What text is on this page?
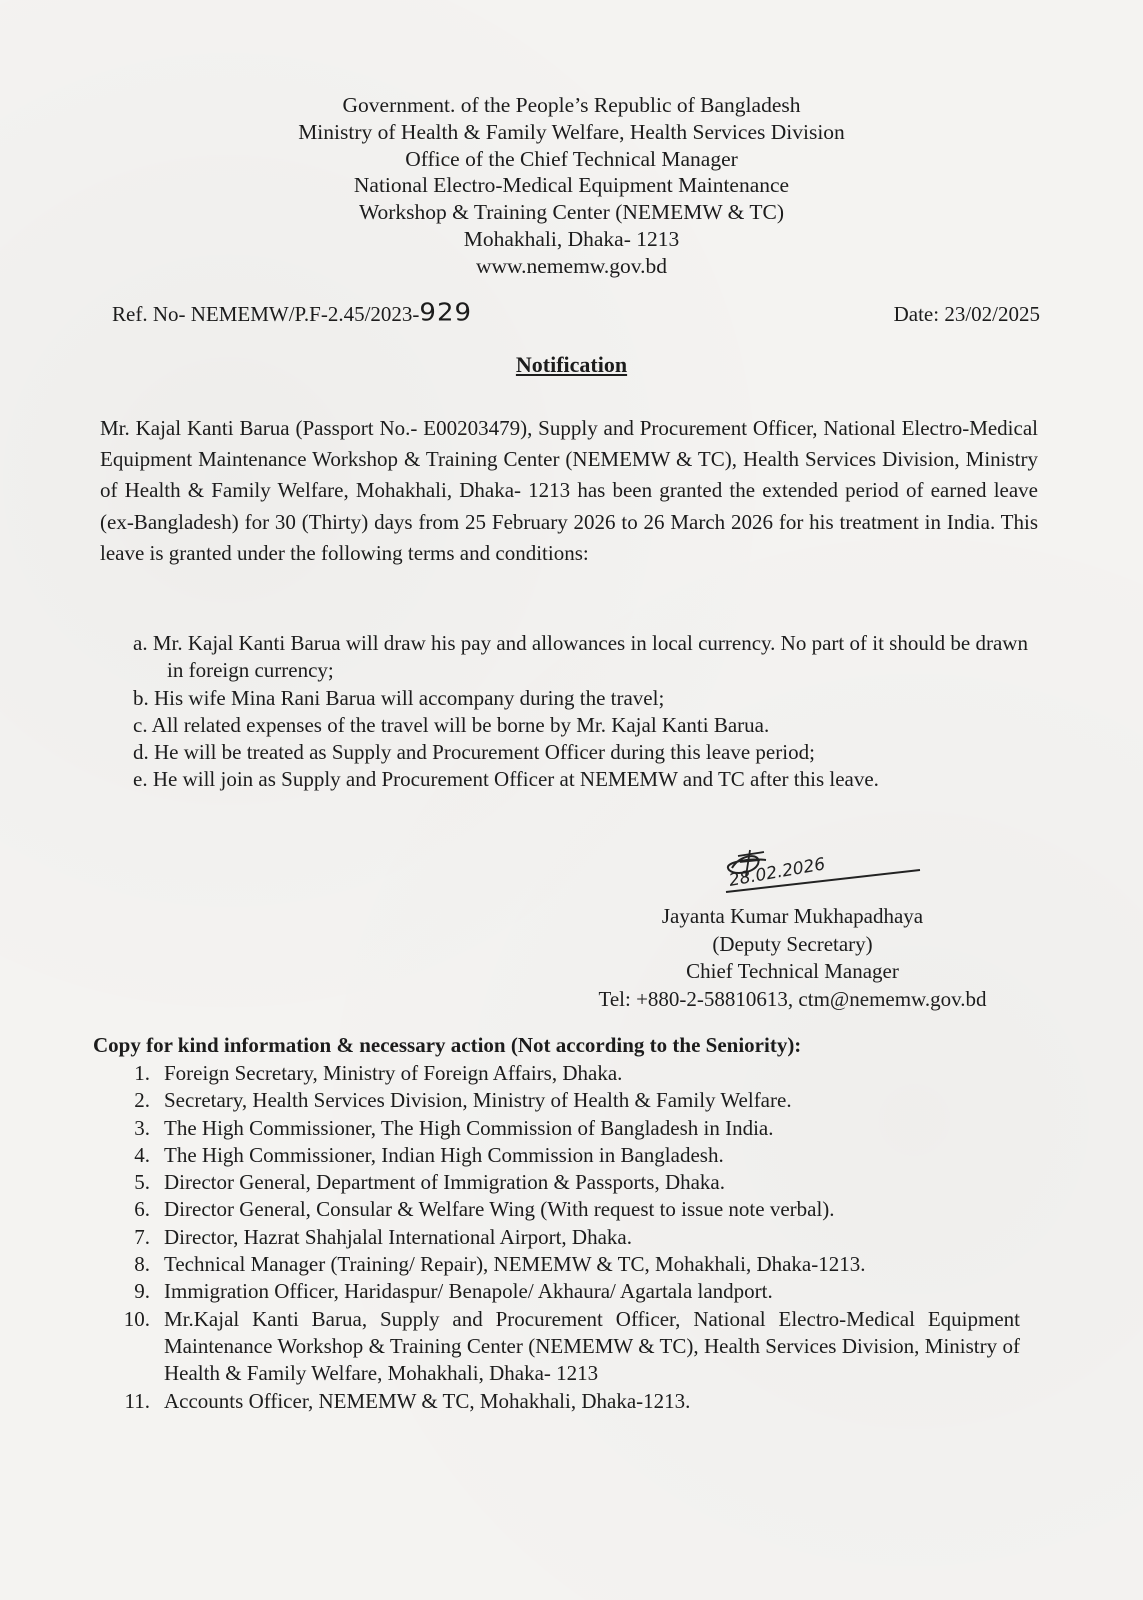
Government. of the People’s Republic of Bangladesh
Ministry of Health & Family Welfare, Health Services Division
Office of the Chief Technical Manager
National Electro-Medical Equipment Maintenance
Workshop & Training Center (NEMEMW & TC)
Mohakhali, Dhaka- 1213
www.nememw.gov.bd
Ref. No- NEMEMW/P.F-2.45/2023-929	Date: 23/02/2025
Notification
Mr. Kajal Kanti Barua (Passport No.- E00203479), Supply and Procurement Officer, National Electro-Medical Equipment Maintenance Workshop & Training Center (NEMEMW & TC), Health Services Division, Ministry of Health & Family Welfare, Mohakhali, Dhaka- 1213 has been granted the extended period of earned leave (ex-Bangladesh) for 30 (Thirty) days from 25 February 2026 to 26 March 2026 for his treatment in India. This leave is granted under the following terms and conditions:
a. Mr. Kajal Kanti Barua will draw his pay and allowances in local currency. No part of it should be drawn in foreign currency;
b. His wife Mina Rani Barua will accompany during the travel;
c. All related expenses of the travel will be borne by Mr. Kajal Kanti Barua.
d. He will be treated as Supply and Procurement Officer during this leave period;
e. He will join as Supply and Procurement Officer at NEMEMW and TC after this leave.
28.02.2026
Jayanta Kumar Mukhapadhaya
(Deputy Secretary)
Chief Technical Manager
Tel: +880-2-58810613, ctm@nememw.gov.bd
Copy for kind information & necessary action (Not according to the Seniority):
1. Foreign Secretary, Ministry of Foreign Affairs, Dhaka.
2. Secretary, Health Services Division, Ministry of Health & Family Welfare.
3. The High Commissioner, The High Commission of Bangladesh in India.
4. The High Commissioner, Indian High Commission in Bangladesh.
5. Director General, Department of Immigration & Passports, Dhaka.
6. Director General, Consular & Welfare Wing (With request to issue note verbal).
7. Director, Hazrat Shahjalal International Airport, Dhaka.
8. Technical Manager (Training/ Repair), NEMEMW & TC, Mohakhali, Dhaka-1213.
9. Immigration Officer, Haridaspur/ Benapole/ Akhaura/ Agartala landport.
10. Mr.Kajal Kanti Barua, Supply and Procurement Officer, National Electro-Medical Equipment Maintenance Workshop & Training Center (NEMEMW & TC), Health Services Division, Ministry of Health & Family Welfare, Mohakhali, Dhaka- 1213
11. Accounts Officer, NEMEMW & TC, Mohakhali, Dhaka-1213.
